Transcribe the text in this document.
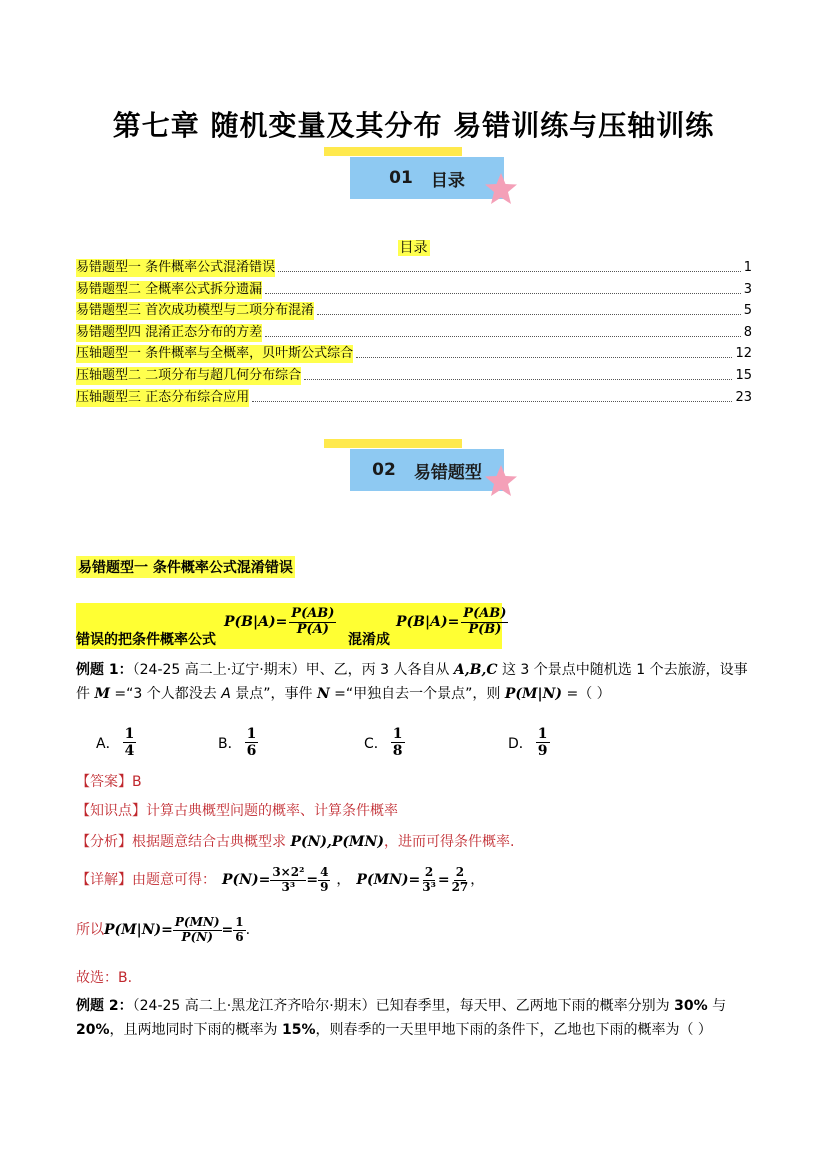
第七章 随机变量及其分布 易错训练与压轴训练
01 目录
目录
易错题型一 条件概率公式混淆错误	1
易错题型二 全概率公式拆分遗漏	3
易错题型三 首次成功模型与二项分布混淆	5
易错题型四 混淆正态分布的方差	8
压轴题型一 条件概率与全概率，贝叶斯公式综合	12
压轴题型二 二项分布与超几何分布综合	15
压轴题型三 正态分布综合应用	23
02 易错题型
易错题型一 条件概率公式混淆错误
错误的把条件概率公式
$P(B|A)= \frac{P(AB)}{P(A)}$
混淆成
$P(B|A)= \frac{P(AB)}{P(B)}$
例题 1：（24-25 高二上·辽宁·期末）甲、乙，丙 3 人各自从 A,B,C 这 3 个景点中随机选 1 个去旅游，设事
件 M =“3 个人都没去 A 景点”，事件 N =“甲独自去一个景点”，则 P(M|N) =（ ）
A． $\frac{1}{4}$	B． $\frac{1}{6}$	C． $\frac{1}{8}$	D． $\frac{1}{9}$
【答案】B
【知识点】计算古典概型问题的概率、计算条件概率
【分析】根据题意结合古典概型求 P(N),P(MN)，进而可得条件概率.
【详解】 由题意可得： $P(N)= \frac{\text{3×2²}}{\text{3³}} = \frac{4}{9}$ ， $P(MN)= \frac{2}{\text{3³}} = \frac{2}{27}$ ，
所以 $P(M|N)= \frac{P(MN)}{P(N)} = \frac{1}{6}$ .
故选：B.
例题 2：（24-25 高二上·黑龙江齐齐哈尔·期末）已知春季里，每天甲、乙两地下雨的概率分别为 30% 与
20%，且两地同时下雨的概率为 15%，则春季的一天里甲地下雨的条件下，乙地也下雨的概率为（ ）
